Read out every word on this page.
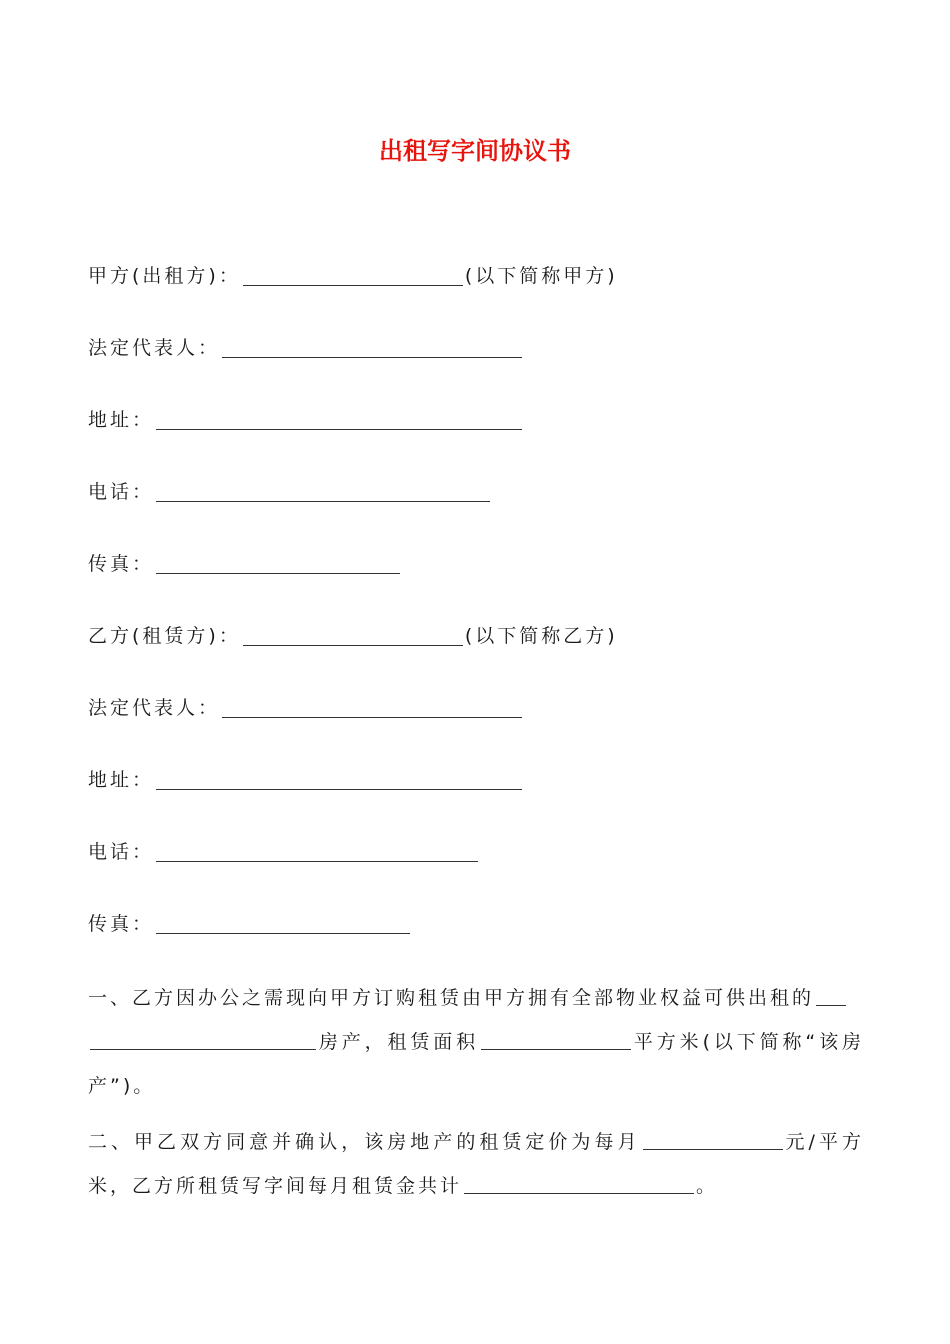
出租写字间协议书
甲方(出租方)：	(以下简称甲方)
法定代表人：
地址：
电话：
传真：
乙方(租赁方)：	(以下简称乙方)
法定代表人：
地址：
电话：
传真：
一、乙方因办公之需现向甲方订购租赁由甲方拥有全部物业权益可供出租的
房产，租赁面积	平方米(以下简称“该房产”)。
二、甲乙双方同意并确认，该房地产的租赁定价为每月	元/平方米，乙方所租赁写字间每月租赁金共计	。
